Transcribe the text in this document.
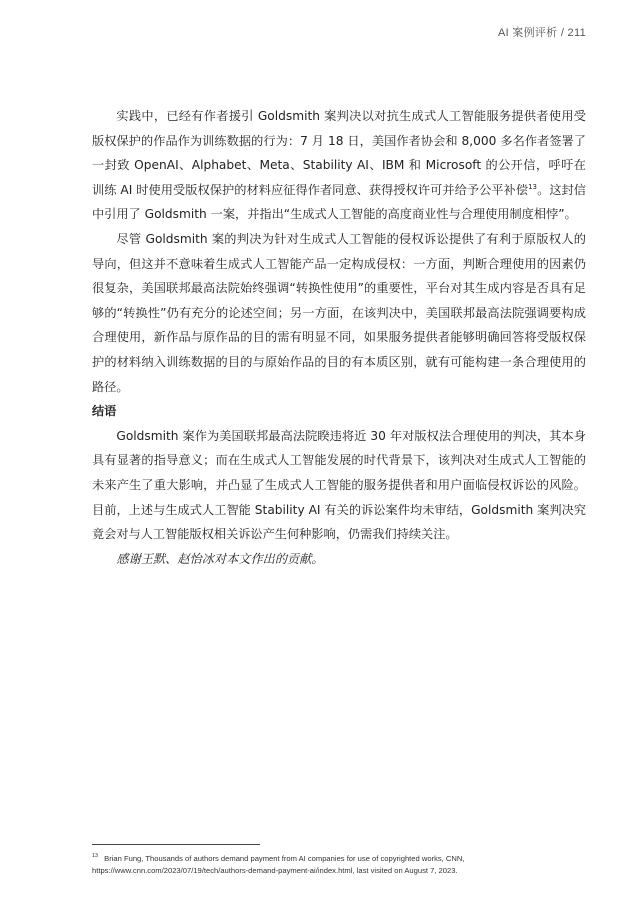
AI 案例评析 / 211

实践中，已经有作者援引 Goldsmith 案判决以对抗生成式人工智能服务提供者使用受版权保护的作品作为训练数据的行为：7 月 18 日，美国作者协会和 8,000 多名作者签署了一封致 OpenAI、Alphabet、Meta、Stability AI、IBM 和 Microsoft 的公开信，呼吁在训练 AI 时使用受版权保护的材料应征得作者同意、获得授权许可并给予公平补偿$^{13}$。这封信中引用了 Goldsmith 一案，并指出“生成式人工智能的高度商业性与合理使用制度相悖”。

尽管 Goldsmith 案的判决为针对生成式人工智能的侵权诉讼提供了有利于原版权人的导向，但这并不意味着生成式人工智能产品一定构成侵权：一方面，判断合理使用的因素仍很复杂，美国联邦最高法院始终强调“转换性使用”的重要性，平台对其生成内容是否具有足够的“转换性”仍有充分的论述空间；另一方面，在该判决中，美国联邦最高法院强调要构成合理使用，新作品与原作品的目的需有明显不同，如果服务提供者能够明确回答将受版权保护的材料纳入训练数据的目的与原始作品的目的有本质区别，就有可能构建一条合理使用的路径。

结语

Goldsmith 案作为美国联邦最高法院睽违将近 30 年对版权法合理使用的判决，其本身具有显著的指导意义；而在生成式人工智能发展的时代背景下，该判决对生成式人工智能的未来产生了重大影响，并凸显了生成式人工智能的服务提供者和用户面临侵权诉讼的风险。目前，上述与生成式人工智能 Stability AI 有关的诉讼案件均未审结，Goldsmith 案判决究竟会对与人工智能版权相关诉讼产生何种影响，仍需我们持续关注。

感谢王默、赵怡冰对本文作出的贡献。

$^{13}$ Brian Fung, Thousands of authors demand payment from AI companies for use of copyrighted works, CNN, https://www.cnn.com/2023/07/19/tech/authors-demand-payment-ai/index.html, last visited on August 7, 2023.
